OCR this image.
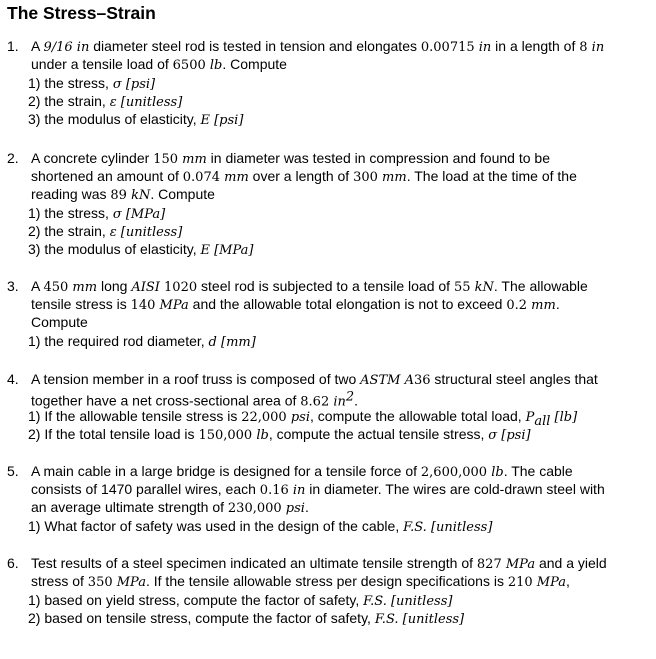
The Stress–Strain
1. A 9/16 in diameter steel rod is tested in tension and elongates 0.00715 in in a length of 8 in
under a tensile load of 6500 lb. Compute
1) the stress, σ [psi]
2) the strain, ε [unitless]
3) the modulus of elasticity, E [psi]
2. A concrete cylinder 150 mm in diameter was tested in compression and found to be
shortened an amount of 0.074 mm over a length of 300 mm. The load at the time of the
reading was 89 kN. Compute
1) the stress, σ [MPa]
2) the strain, ε [unitless]
3) the modulus of elasticity, E [MPa]
3. A 450 mm long AISI 1020 steel rod is subjected to a tensile load of 55 kN. The allowable
tensile stress is 140 MPa and the allowable total elongation is not to exceed 0.2 mm.
Compute
1) the required rod diameter, d [mm]
4. A tension member in a roof truss is composed of two ASTM A36 structural steel angles that
together have a net cross-sectional area of 8.62 $in^2$.
1) If the allowable tensile stress is 22,000 psi, compute the allowable total load, $P_{all}$ [lb]
2) If the total tensile load is 150,000 lb, compute the actual tensile stress, σ [psi]
5. A main cable in a large bridge is designed for a tensile force of 2,600,000 lb. The cable
consists of 1470 parallel wires, each 0.16 in in diameter. The wires are cold-drawn steel with
an average ultimate strength of 230,000 psi.
1) What factor of safety was used in the design of the cable, F.S. [unitless]
6. Test results of a steel specimen indicated an ultimate tensile strength of 827 MPa and a yield
stress of 350 MPa. If the tensile allowable stress per design specifications is 210 MPa,
1) based on yield stress, compute the factor of safety, F.S. [unitless]
2) based on tensile stress, compute the factor of safety, F.S. [unitless]
